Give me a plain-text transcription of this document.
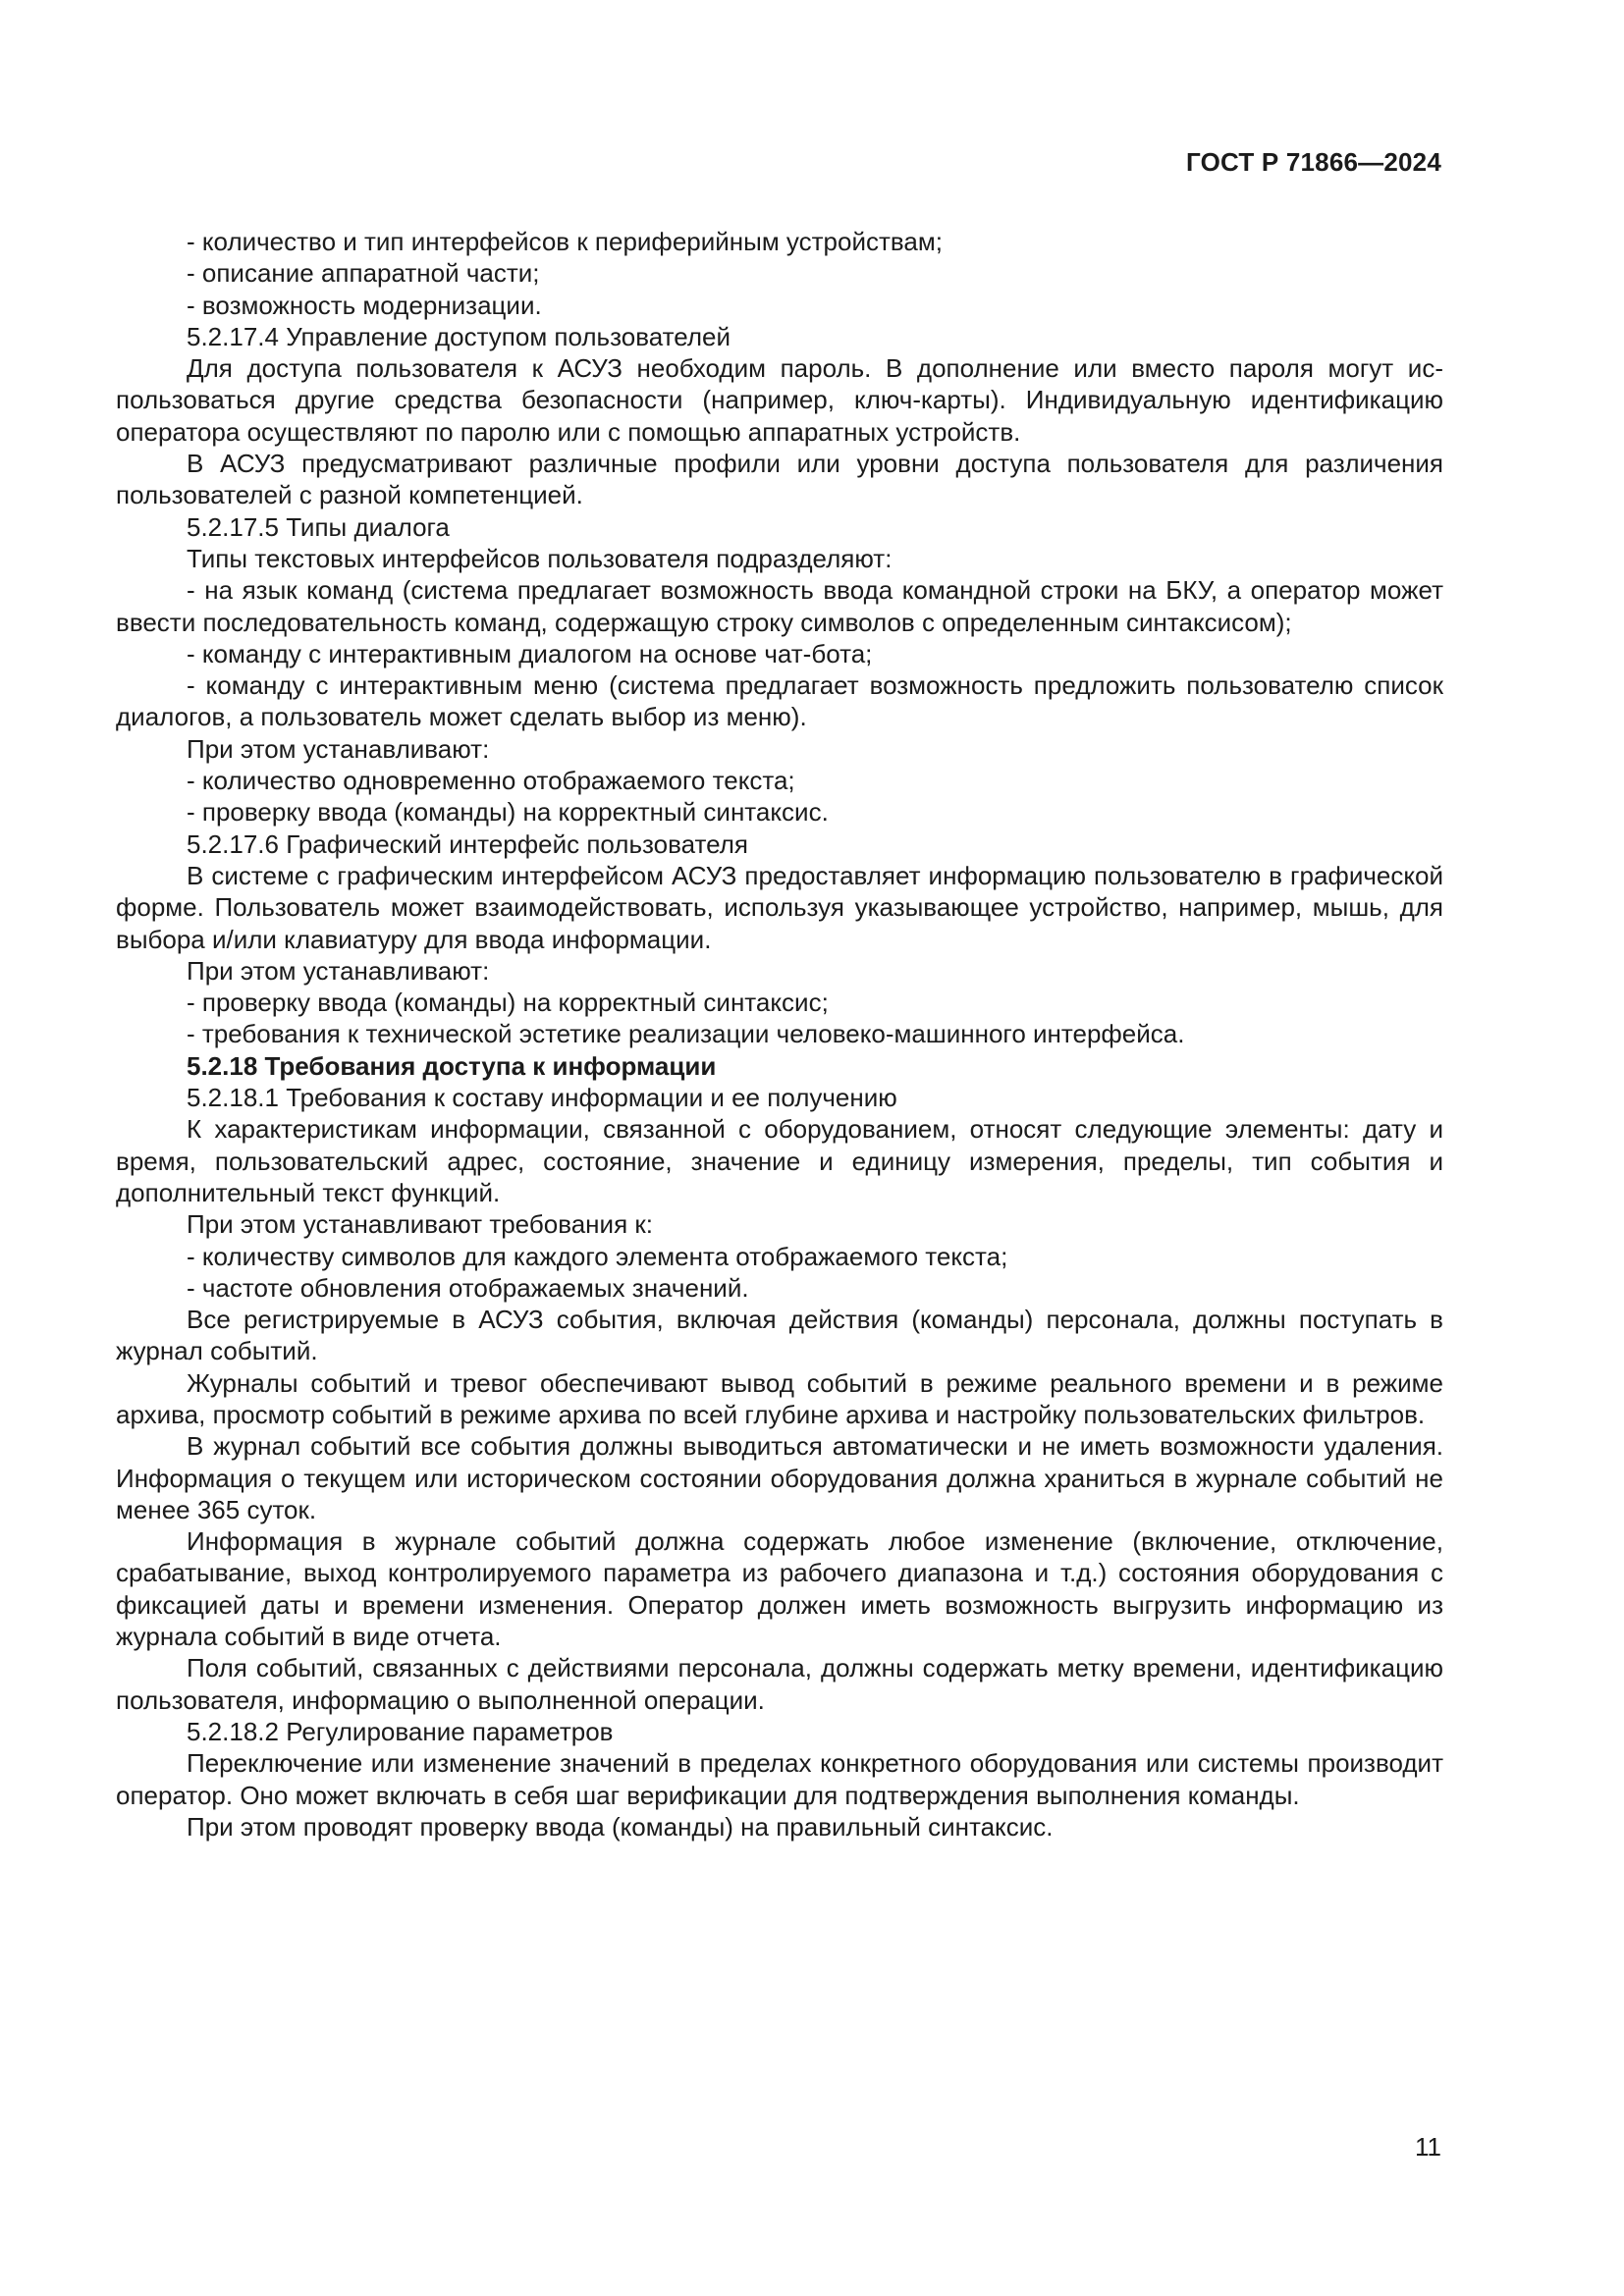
ГОСТ Р 71866—2024

- количество и тип интерфейсов к периферийным устройствам;

- описание аппаратной части;

- возможность модернизации.

5.2.17.4 Управление доступом пользователей

Для доступа пользователя к АСУЗ необходим пароль. В дополнение или вместо пароля могут использоваться другие средства безопасности (например, ключ-карты). Индивидуальную идентификацию оператора осуществляют по паролю или с помощью аппаратных устройств.

В АСУЗ предусматривают различные профили или уровни доступа пользователя для различения пользователей с разной компетенцией.

5.2.17.5 Типы диалога

Типы текстовых интерфейсов пользователя подразделяют:

- на язык команд (система предлагает возможность ввода командной строки на БКУ, а оператор может ввести последовательность команд, содержащую строку символов с определенным синтаксисом);

- команду с интерактивным диалогом на основе чат-бота;

- команду с интерактивным меню (система предлагает возможность предложить пользователю список диалогов, а пользователь может сделать выбор из меню).

При этом устанавливают:

- количество одновременно отображаемого текста;

- проверку ввода (команды) на корректный синтаксис.

5.2.17.6 Графический интерфейс пользователя

В системе с графическим интерфейсом АСУЗ предоставляет информацию пользователю в графической форме. Пользователь может взаимодействовать, используя указывающее устройство, например, мышь, для выбора и/или клавиатуру для ввода информации.

При этом устанавливают:

- проверку ввода (команды) на корректный синтаксис;

- требования к технической эстетике реализации человеко-машинного интерфейса.

5.2.18 Требования доступа к информации

5.2.18.1 Требования к составу информации и ее получению

К характеристикам информации, связанной с оборудованием, относят следующие элементы: дату и время, пользовательский адрес, состояние, значение и единицу измерения, пределы, тип события и дополнительный текст функций.

При этом устанавливают требования к:

- количеству символов для каждого элемента отображаемого текста;

- частоте обновления отображаемых значений.

Все регистрируемые в АСУЗ события, включая действия (команды) персонала, должны поступать в журнал событий.

Журналы событий и тревог обеспечивают вывод событий в режиме реального времени и в режиме архива, просмотр событий в режиме архива по всей глубине архива и настройку пользовательских фильтров.

В журнал событий все события должны выводиться автоматически и не иметь возможности удаления. Информация о текущем или историческом состоянии оборудования должна храниться в журнале событий не менее 365 суток.

Информация в журнале событий должна содержать любое изменение (включение, отключение, срабатывание, выход контролируемого параметра из рабочего диапазона и т.д.) состояния оборудования с фиксацией даты и времени изменения. Оператор должен иметь возможность выгрузить информацию из журнала событий в виде отчета.

Поля событий, связанных с действиями персонала, должны содержать метку времени, идентификацию пользователя, информацию о выполненной операции.

5.2.18.2 Регулирование параметров

Переключение или изменение значений в пределах конкретного оборудования или системы производит оператор. Оно может включать в себя шаг верификации для подтверждения выполнения команды.

При этом проводят проверку ввода (команды) на правильный синтаксис.

11
